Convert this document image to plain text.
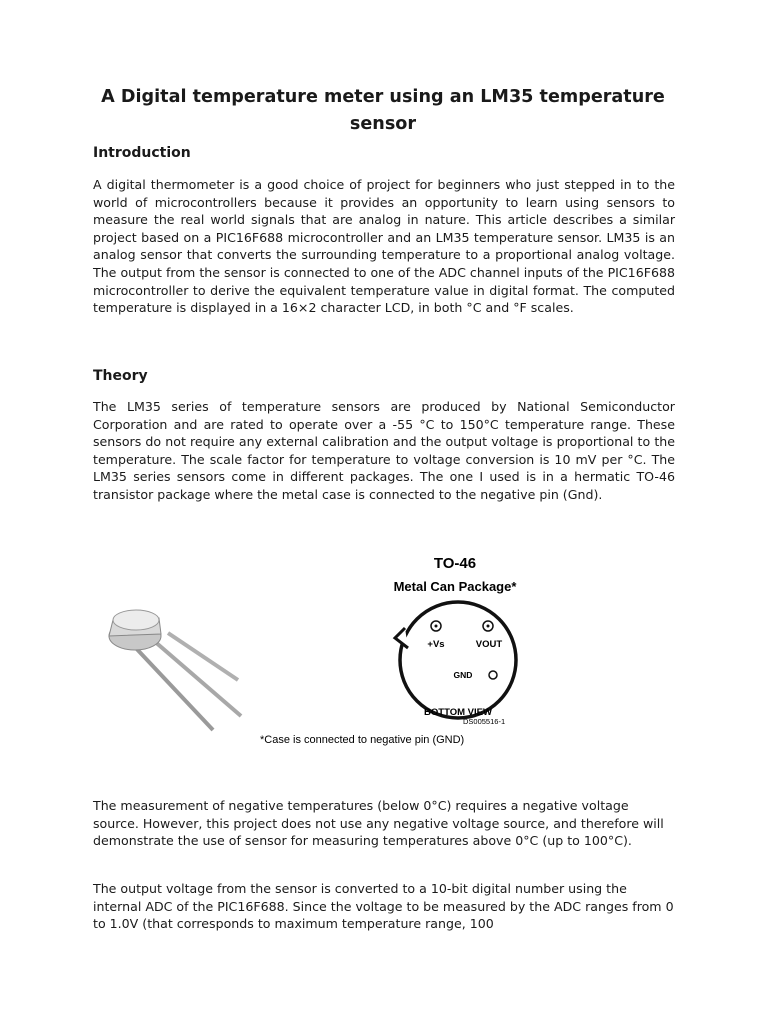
A Digital temperature meter using an LM35 temperature sensor
Introduction

A digital thermometer is a good choice of project for beginners who just stepped in to the world of microcontrollers because it provides an opportunity to learn using sensors to measure the real world signals that are analog in nature. This article describes a similar project based on a PIC16F688 microcontroller and an LM35 temperature sensor. LM35 is an analog sensor that converts the surrounding temperature to a proportional analog voltage. The output from the sensor is connected to one of the ADC channel inputs of the PIC16F688 microcontroller to derive the equivalent temperature value in digital format. The computed temperature is displayed in a 16×2 character LCD, in both °C and °F scales.

Theory

The LM35 series of temperature sensors are produced by National Semiconductor Corporation and are rated to operate over a -55 °C to 150°C temperature range. These sensors do not require any external calibration and the output voltage is proportional to the temperature. The scale factor for temperature to voltage conversion is 10 mV per °C. The LM35 series sensors come in different packages. The one I used is in a hermatic TO-46 transistor package where the metal case is connected to the negative pin (Gnd).

TO-46
Metal Can Package*
+Vs	VOUT
GND
BOTTOM VIEW
DS005516-1
*Case is connected to negative pin (GND)

The measurement of negative temperatures (below 0°C) requires a negative voltage source. However, this project does not use any negative voltage source, and therefore will demonstrate the use of sensor for measuring temperatures above 0°C (up to 100°C).

The output voltage from the sensor is converted to a 10-bit digital number using the internal ADC of the PIC16F688. Since the voltage to be measured by the ADC ranges from 0 to 1.0V (that corresponds to maximum temperature range, 100
